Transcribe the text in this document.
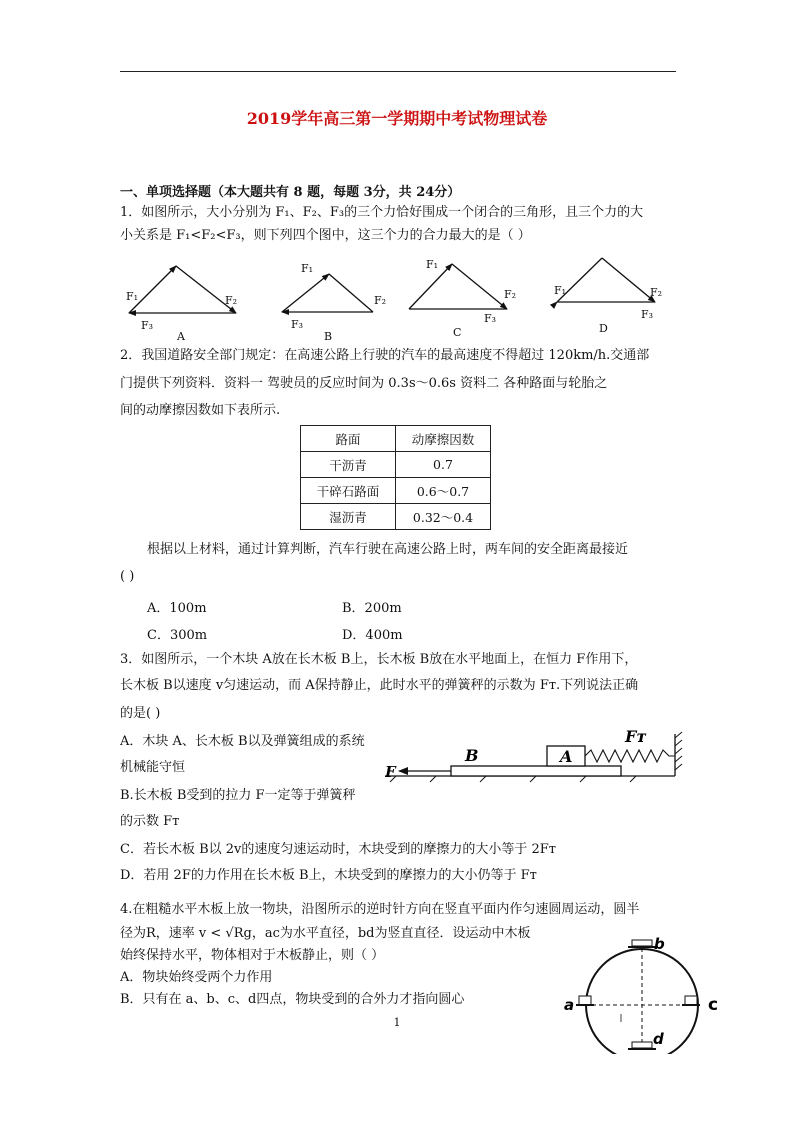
2019学年高三第一学期期中考试物理试卷
一、单项选择题（本大题共有 8 题，每题 3分，共 24分）
1．如图所示，大小分别为 F₁、F₂、F₃的三个力恰好围成一个闭合的三角形，且三个力的大
小关系是 F₁<F₂<F₃，则下列四个图中，这三个力的合力最大的是（ ）
F₁	F₂
F₃
A
F₁
F₂
F₃
B
F₁
F₂
F₃
C
F₁	F₂
F₃
D
2．我国道路安全部门规定：在高速公路上行驶的汽车的最高速度不得超过 120km/h.交通部
门提供下列资料．资料一 驾驶员的反应时间为 0.3s～0.6s 资料二 各种路面与轮胎之
间的动摩擦因数如下表所示.
路面	动摩擦因数
干沥青	0.7
干碎石路面	0.6～0.7
湿沥青	0.32～0.4
根据以上材料，通过计算判断，汽车行驶在高速公路上时，两车间的安全距离最接近
( )
A．100m	B．200m
C．300m	D．400m
3．如图所示，一个木块 A放在长木板 B上，长木板 B放在水平地面上，在恒力 F作用下，
长木板 B以速度 v匀速运动，而 A保持静止，此时水平的弹簧秤的示数为 Fᴛ.下列说法正确
的是( )
A．木块 A、长木板 B以及弹簧组成的系统
机械能守恒
B.长木板 B受到的拉力 F一定等于弹簧秤
的示数 Fᴛ
C．若长木板 B以 2v的速度匀速运动时，木块受到的摩擦力的大小等于 2Fᴛ
D．若用 2F的力作用在长木板 B上，木块受到的摩擦力的大小仍等于 Fᴛ
F
B	A
Fᴛ
4.在粗糙水平木板上放一物块，沿图所示的逆时针方向在竖直平面内作匀速圆周运动，圆半
径为R，速率 v < √Rg，ac为水平直径，bd为竖直直径．设运动中木板
始终保持水平，物体相对于木板静止，则（ ）
A．物块始终受两个力作用
B．只有在 a、b、c、d四点，物块受到的合外力才指向圆心
b
a	c
d
1
